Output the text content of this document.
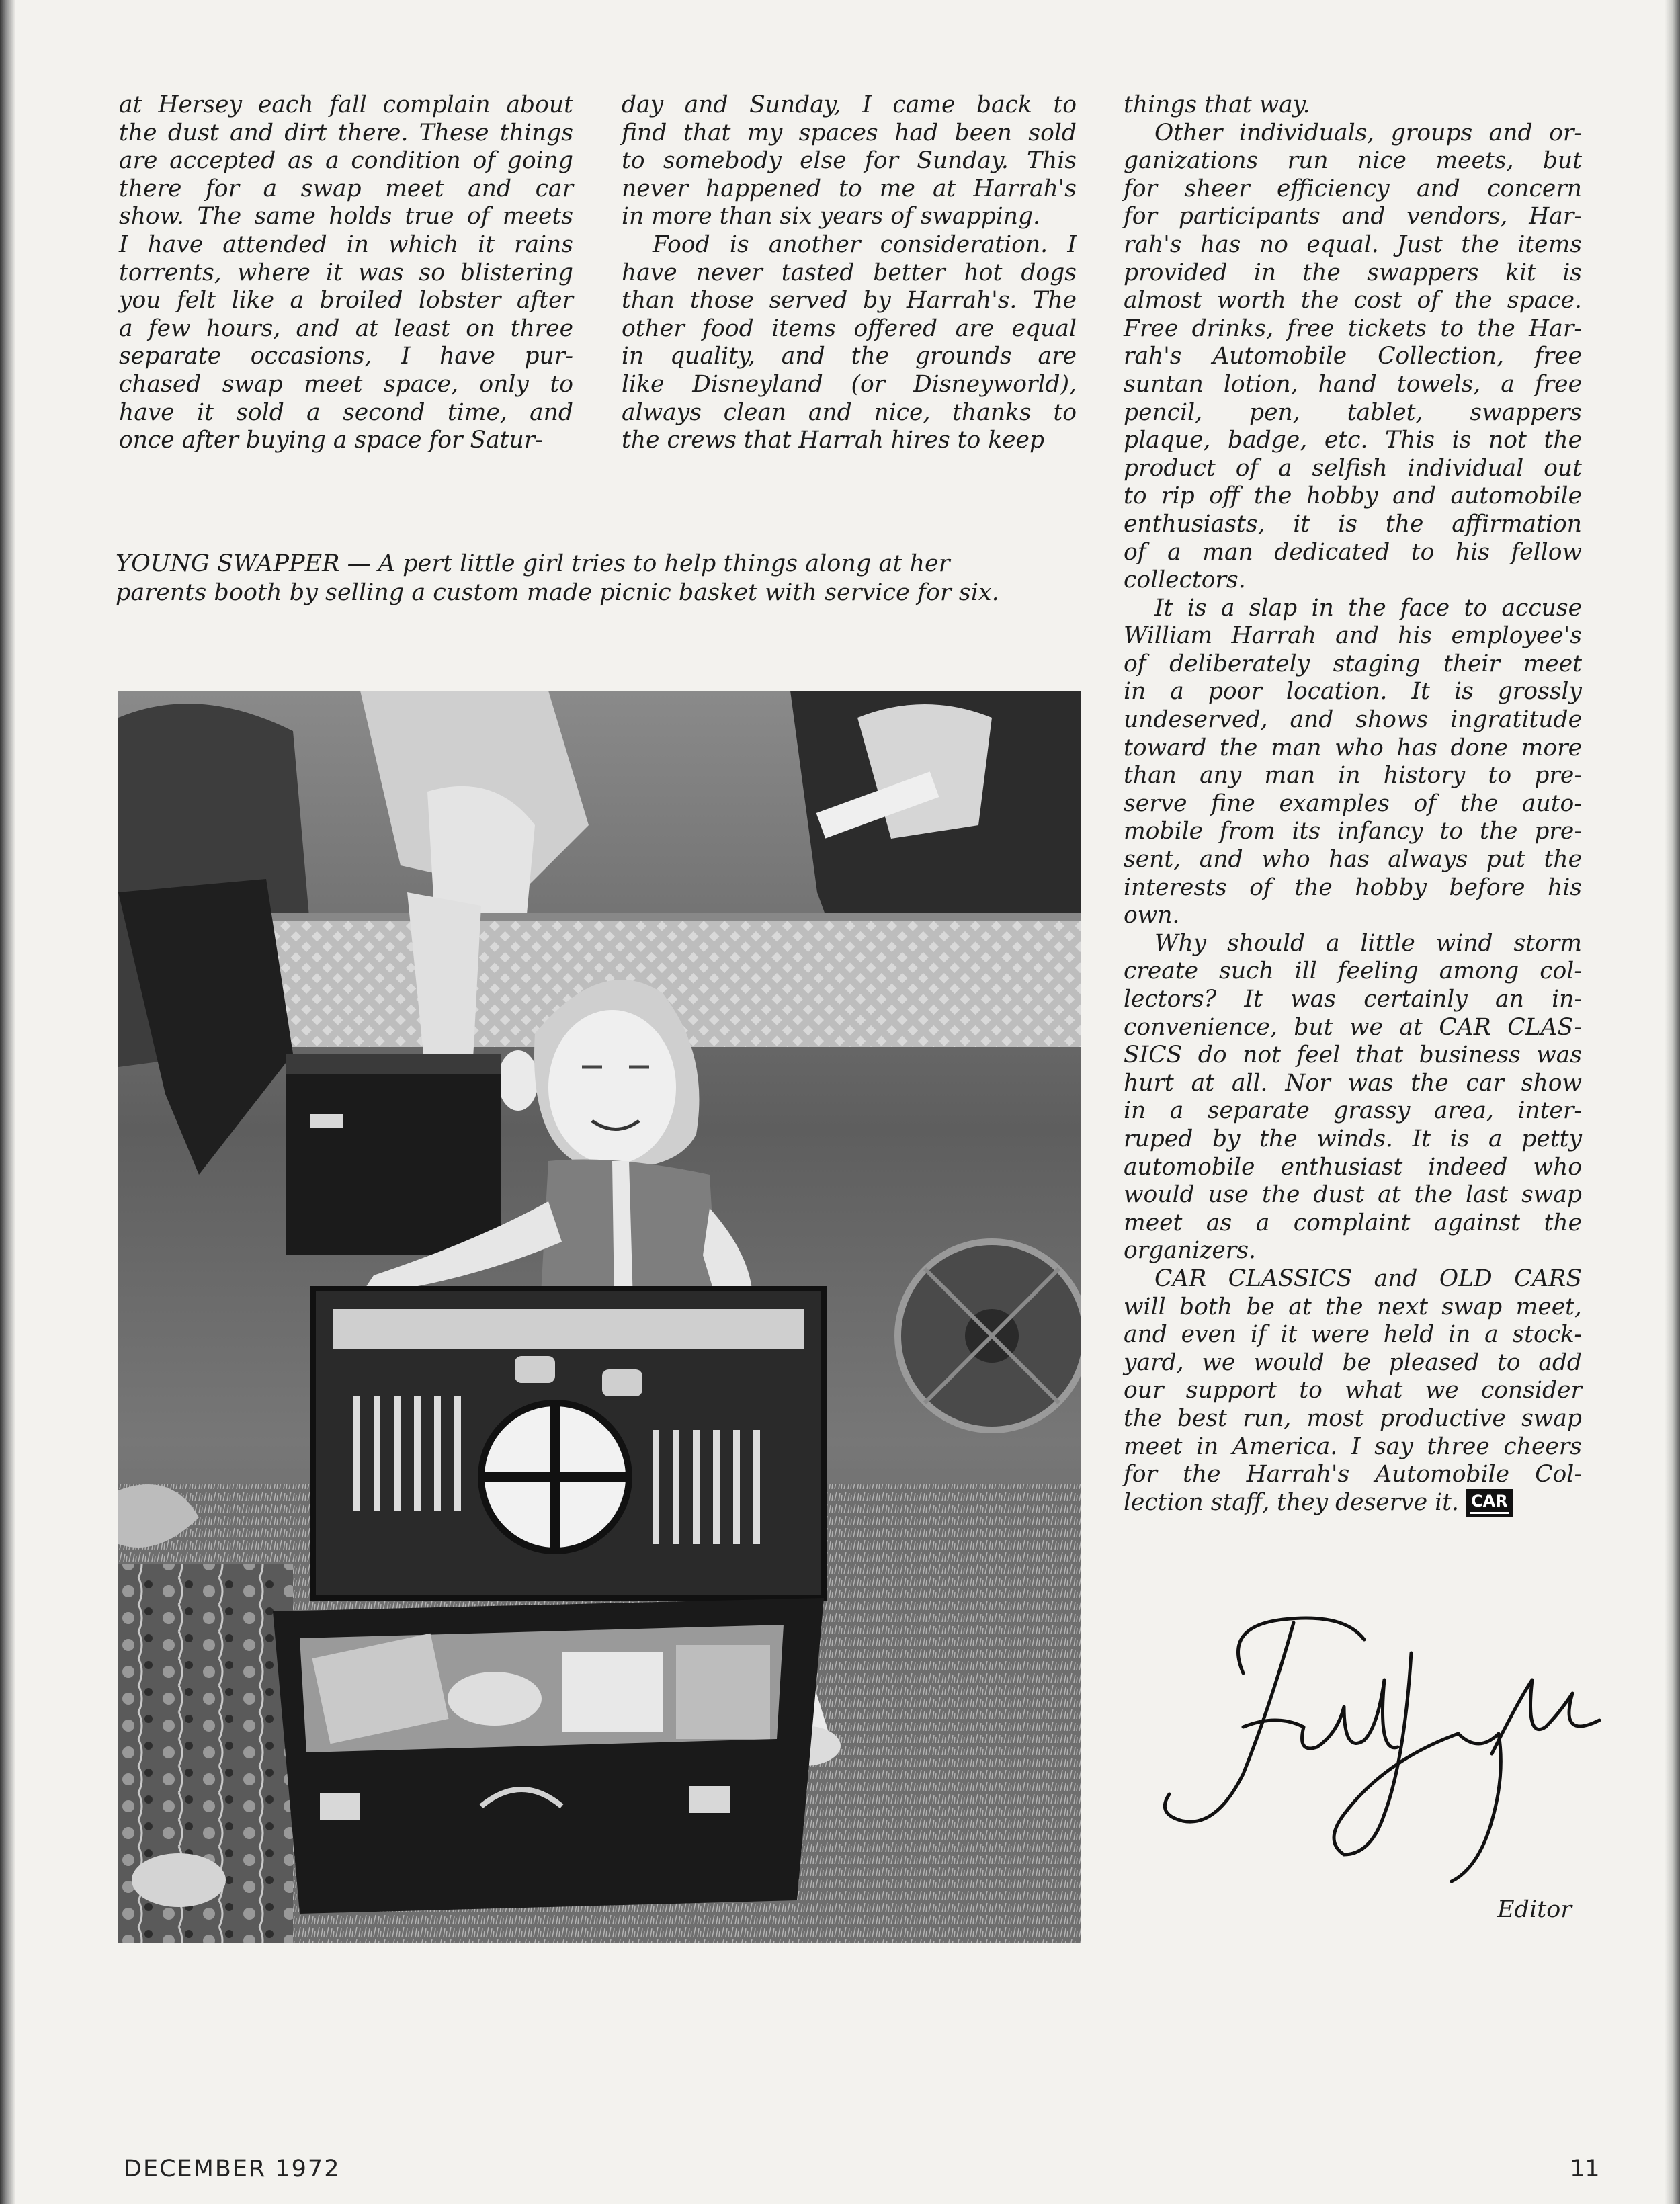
at Hersey each fall complain about
the dust and dirt there. These things
are accepted as a condition of going
there for a swap meet and car
show. The same holds true of meets
I have attended in which it rains
torrents, where it was so blistering
you felt like a broiled lobster after
a few hours, and at least on three
separate occasions, I have pur-
chased swap meet space, only to
have it sold a second time, and
once after buying a space for Satur-
day and Sunday, I came back to
find that my spaces had been sold
to somebody else for Sunday. This
never happened to me at Harrah's
in more than six years of swapping.
Food is another consideration. I
have never tasted better hot dogs
than those served by Harrah's. The
other food items offered are equal
in quality, and the grounds are
like Disneyland (or Disneyworld),
always clean and nice, thanks to
the crews that Harrah hires to keep
things that way.
Other individuals, groups and or-
ganizations run nice meets, but
for sheer efficiency and concern
for participants and vendors, Har-
rah's has no equal. Just the items
provided in the swappers kit is
almost worth the cost of the space.
Free drinks, free tickets to the Har-
rah's Automobile Collection, free
suntan lotion, hand towels, a free
pencil, pen, tablet, swappers
plaque, badge, etc. This is not the
product of a selfish individual out
to rip off the hobby and automobile
enthusiasts, it is the affirmation
of a man dedicated to his fellow
collectors.
It is a slap in the face to accuse
William Harrah and his employee's
of deliberately staging their meet
in a poor location. It is grossly
undeserved, and shows ingratitude
toward the man who has done more
than any man in history to pre-
serve fine examples of the auto-
mobile from its infancy to the pre-
sent, and who has always put the
interests of the hobby before his
own.
Why should a little wind storm
create such ill feeling among col-
lectors? It was certainly an in-
convenience, but we at CAR CLAS-
SICS do not feel that business was
hurt at all. Nor was the car show
in a separate grassy area, inter-
ruped by the winds. It is a petty
automobile enthusiast indeed who
would use the dust at the last swap
meet as a complaint against the
organizers.
CAR CLASSICS and OLD CARS
will both be at the next swap meet,
and even if it were held in a stock-
yard, we would be pleased to add
our support to what we consider
the best run, most productive swap
meet in America. I say three cheers
for the Harrah's Automobile Col-
lection staff, they deserve it. CAR
YOUNG SWAPPER — A pert little girl tries to help things along at her
parents booth by selling a custom made picnic basket with service for six.
Editor
DECEMBER 1972	11
